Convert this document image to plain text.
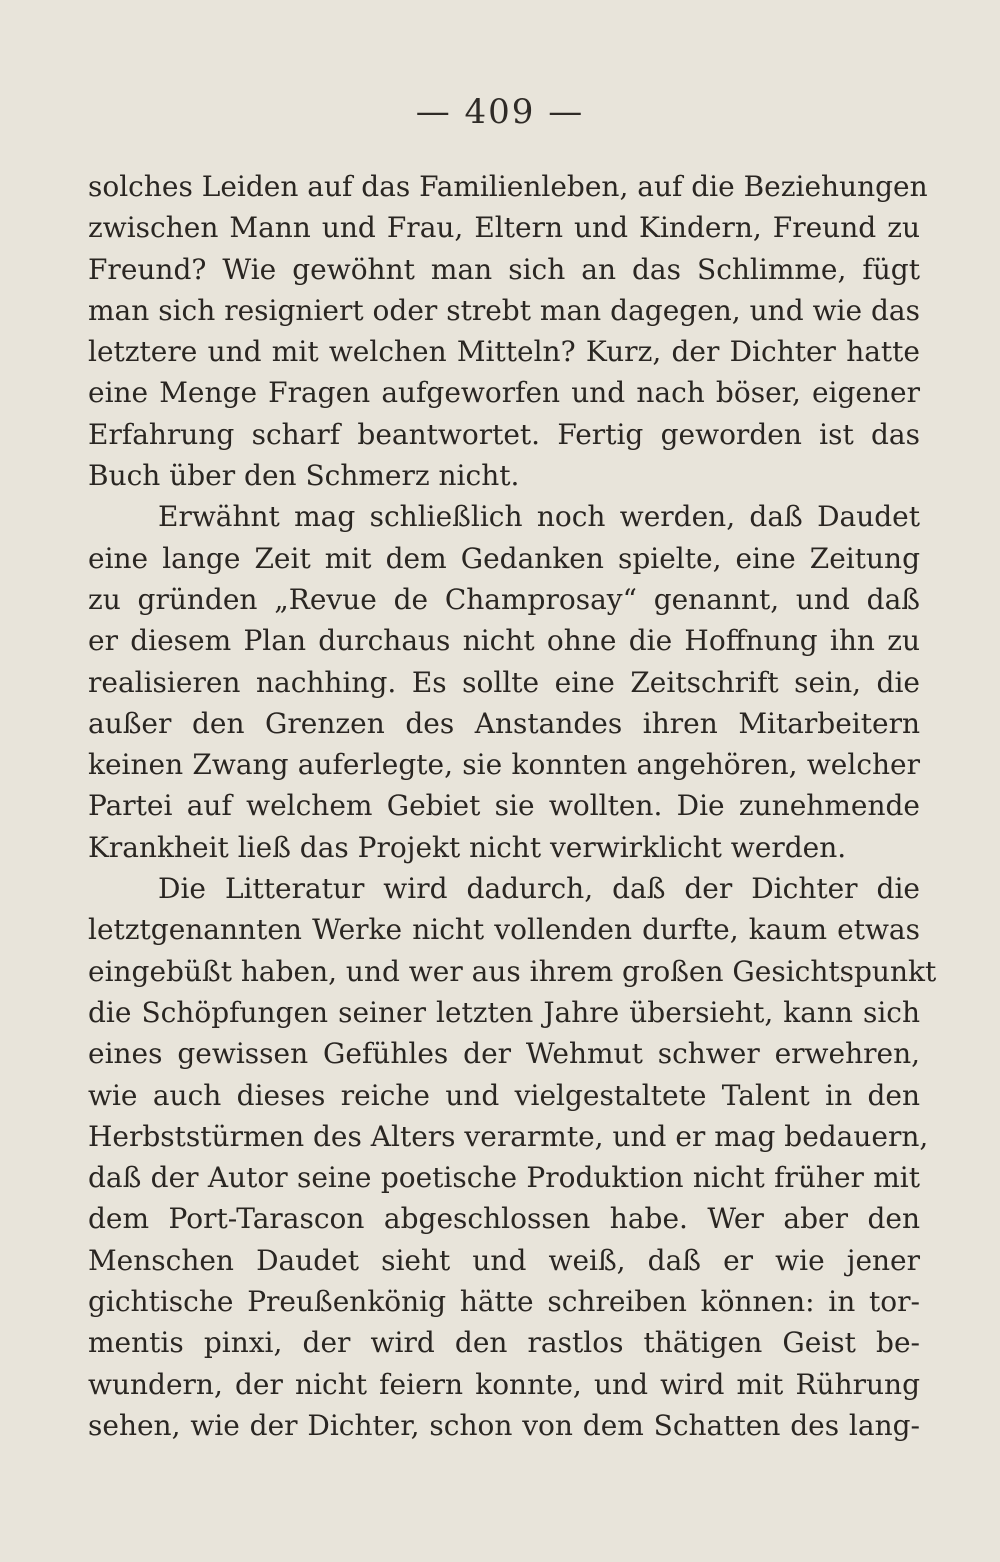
— 409 —
solches Leiden auf das Familienleben, auf die Beziehungen
zwischen Mann und Frau, Eltern und Kindern, Freund zu
Freund? Wie gewöhnt man sich an das Schlimme, fügt
man sich resigniert oder strebt man dagegen, und wie das
letztere und mit welchen Mitteln? Kurz, der Dichter hatte
eine Menge Fragen aufgeworfen und nach böser, eigener
Erfahrung scharf beantwortet. Fertig geworden ist das
Buch über den Schmerz nicht.
Erwähnt mag schließlich noch werden, daß Daudet
eine lange Zeit mit dem Gedanken spielte, eine Zeitung
zu gründen „Revue de Champrosay“ genannt, und daß
er diesem Plan durchaus nicht ohne die Hoffnung ihn zu
realisieren nachhing. Es sollte eine Zeitschrift sein, die
außer den Grenzen des Anstandes ihren Mitarbeitern
keinen Zwang auferlegte, sie konnten angehören, welcher
Partei auf welchem Gebiet sie wollten. Die zunehmende
Krankheit ließ das Projekt nicht verwirklicht werden.
Die Litteratur wird dadurch, daß der Dichter die
letztgenannten Werke nicht vollenden durfte, kaum etwas
eingebüßt haben, und wer aus ihrem großen Gesichtspunkt
die Schöpfungen seiner letzten Jahre übersieht, kann sich
eines gewissen Gefühles der Wehmut schwer erwehren,
wie auch dieses reiche und vielgestaltete Talent in den
Herbststürmen des Alters verarmte, und er mag bedauern,
daß der Autor seine poetische Produktion nicht früher mit
dem Port-Tarascon abgeschlossen habe. Wer aber den
Menschen Daudet sieht und weiß, daß er wie jener
gichtische Preußenkönig hätte schreiben können: in tor-
mentis pinxi, der wird den rastlos thätigen Geist be-
wundern, der nicht feiern konnte, und wird mit Rührung
sehen, wie der Dichter, schon von dem Schatten des lang-
